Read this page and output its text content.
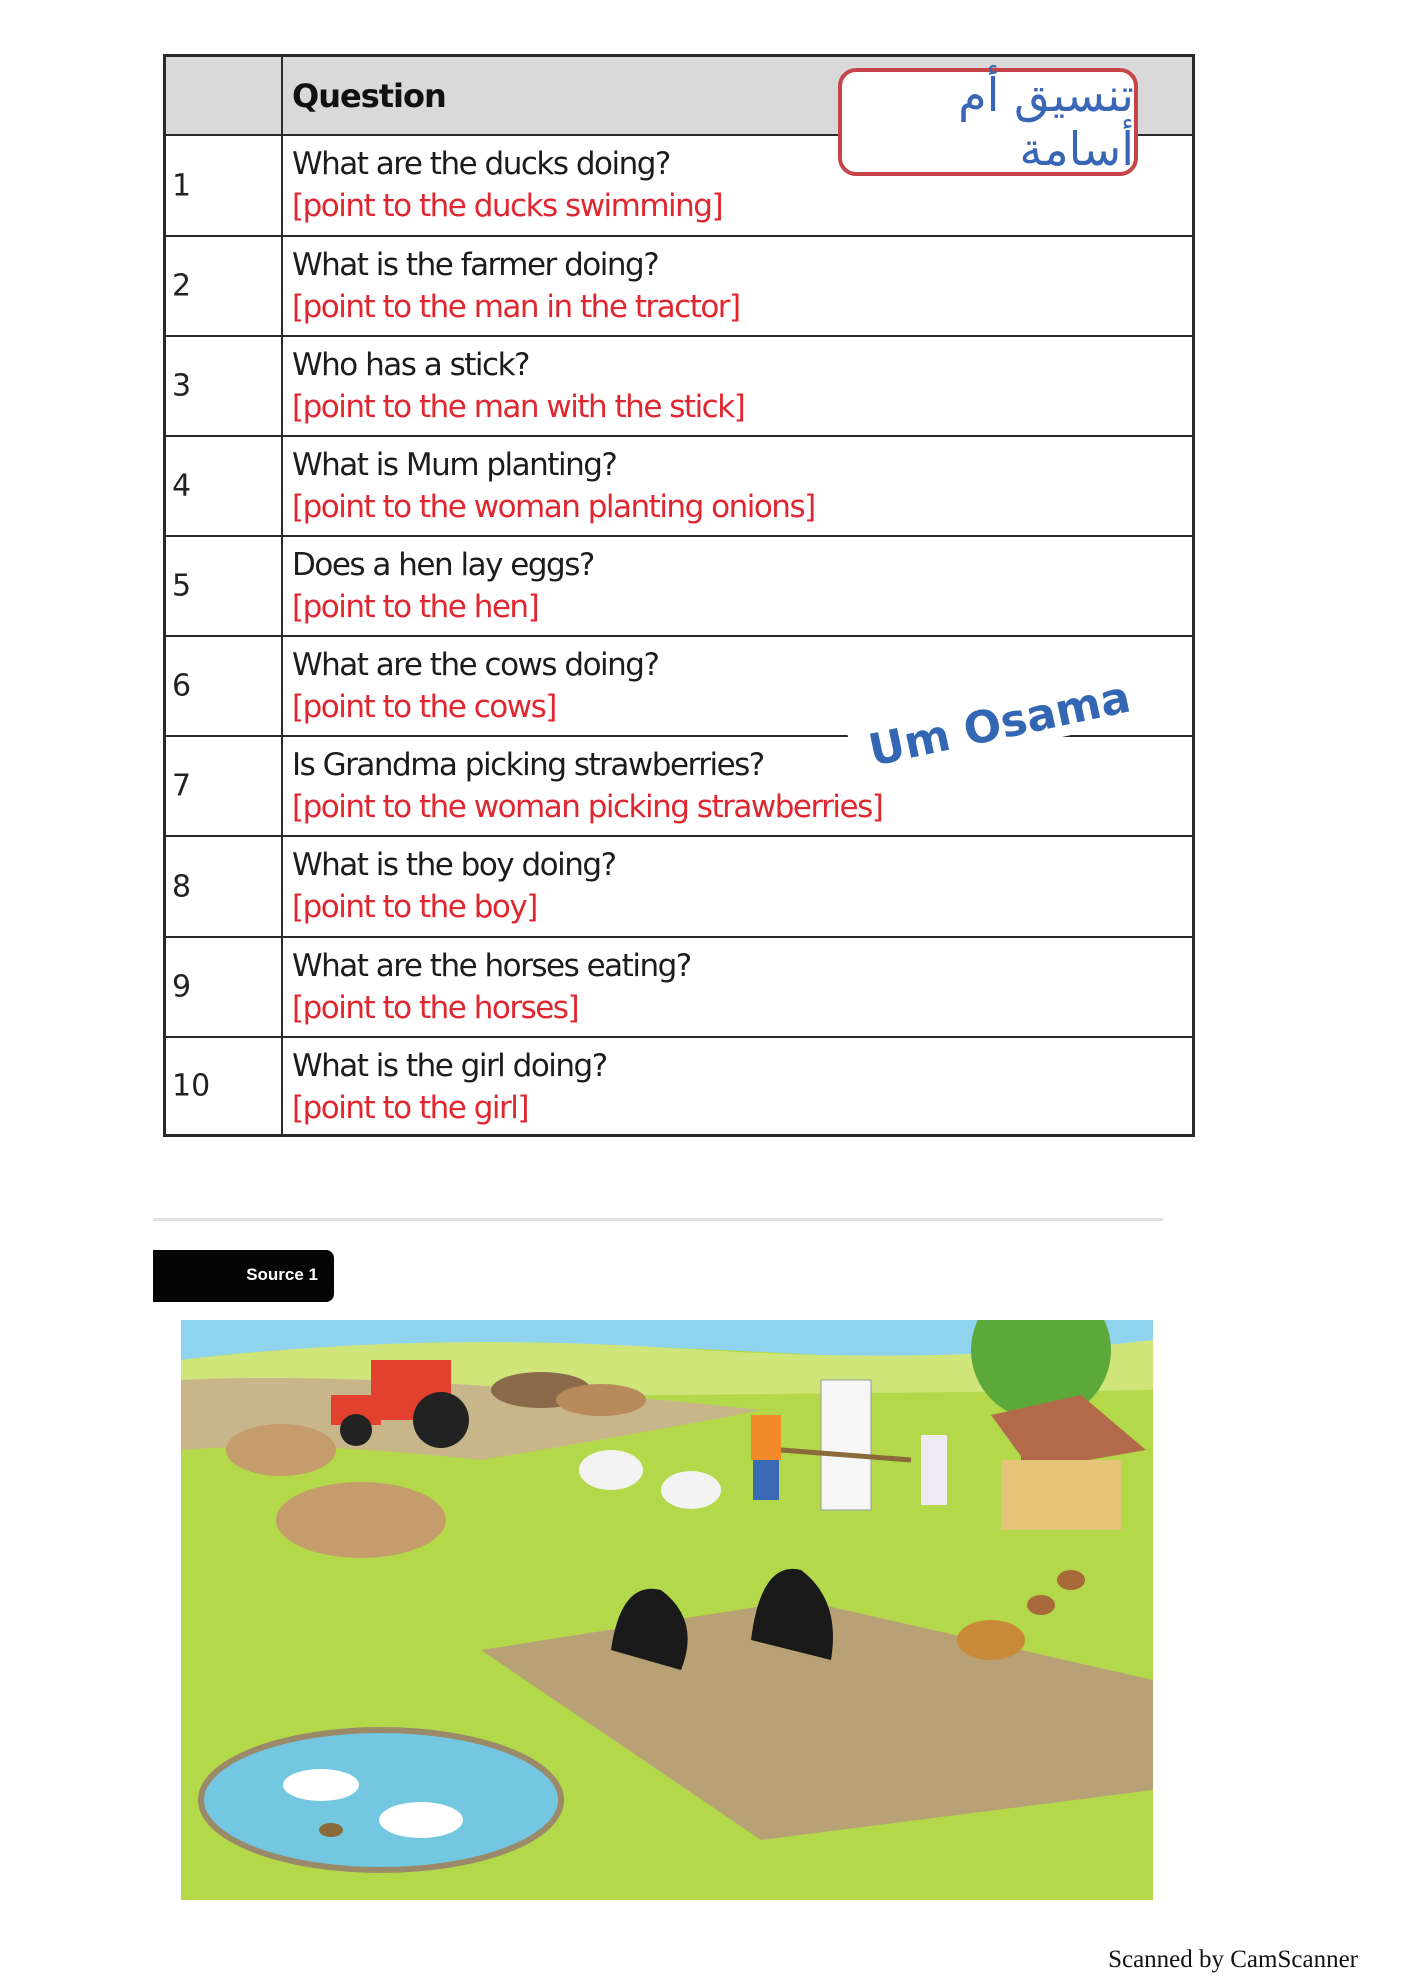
Question
1
What are the ducks doing?
[point to the ducks swimming]
2
What is the farmer doing?
[point to the man in the tractor]
3
Who has a stick?
[point to the man with the stick]
4
What is Mum planting?
[point to the woman planting onions]
5
Does a hen lay eggs?
[point to the hen]
6
What are the cows doing?
[point to the cows]
7
Is Grandma picking strawberries?
[point to the woman picking strawberries]
8
What is the boy doing?
[point to the boy]
9
What are the horses eating?
[point to the horses]
10
What is the girl doing?
[point to the girl]
تنسيق أم أسامة
Um Osama
Source 1
Scanned by CamScanner
